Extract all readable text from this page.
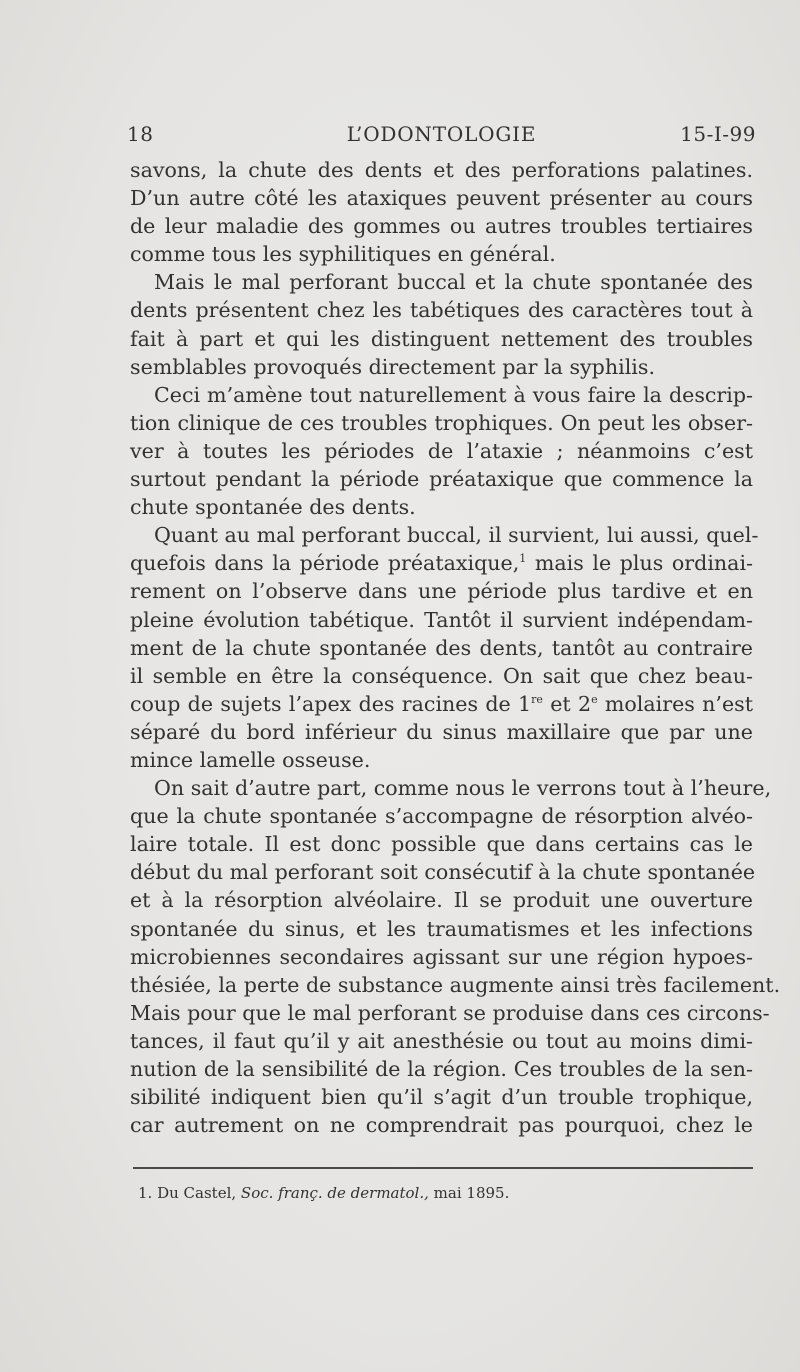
18	L’ODONTOLOGIE	15-I-99
savons, la chute des dents et des perforations palatines.
D’un autre côté les ataxiques peuvent présenter au cours
de leur maladie des gommes ou autres troubles tertiaires
comme tous les syphilitiques en général.
Mais le mal perforant buccal et la chute spontanée des
dents présentent chez les tabétiques des caractères tout à
fait à part et qui les distinguent nettement des troubles
semblables provoqués directement par la syphilis.
Ceci m’amène tout naturellement à vous faire la descrip-
tion clinique de ces troubles trophiques. On peut les obser-
ver à toutes les périodes de l’ataxie ; néanmoins c’est
surtout pendant la période préataxique que commence la
chute spontanée des dents.
Quant au mal perforant buccal, il survient, lui aussi, quel-
quefois dans la période préataxique,$^1$ mais le plus ordinai-
rement on l’observe dans une période plus tardive et en
pleine évolution tabétique. Tantôt il survient indépendam-
ment de la chute spontanée des dents, tantôt au contraire
il semble en être la conséquence. On sait que chez beau-
coup de sujets l’apex des racines de 1re et 2e molaires n’est
séparé du bord inférieur du sinus maxillaire que par une
mince lamelle osseuse.
On sait d’autre part, comme nous le verrons tout à l’heure,
que la chute spontanée s’accompagne de résorption alvéo-
laire totale. Il est donc possible que dans certains cas le
début du mal perforant soit consécutif à la chute spontanée
et à la résorption alvéolaire. Il se produit une ouverture
spontanée du sinus, et les traumatismes et les infections
microbiennes secondaires agissant sur une région hypoes-
thésiée, la perte de substance augmente ainsi très facilement.
Mais pour que le mal perforant se produise dans ces circons-
tances, il faut qu’il y ait anesthésie ou tout au moins dimi-
nution de la sensibilité de la région. Ces troubles de la sen-
sibilité indiquent bien qu’il s’agit d’un trouble trophique,
car autrement on ne comprendrait pas pourquoi, chez le
1. Du Castel, Soc. franç. de dermatol., mai 1895.
